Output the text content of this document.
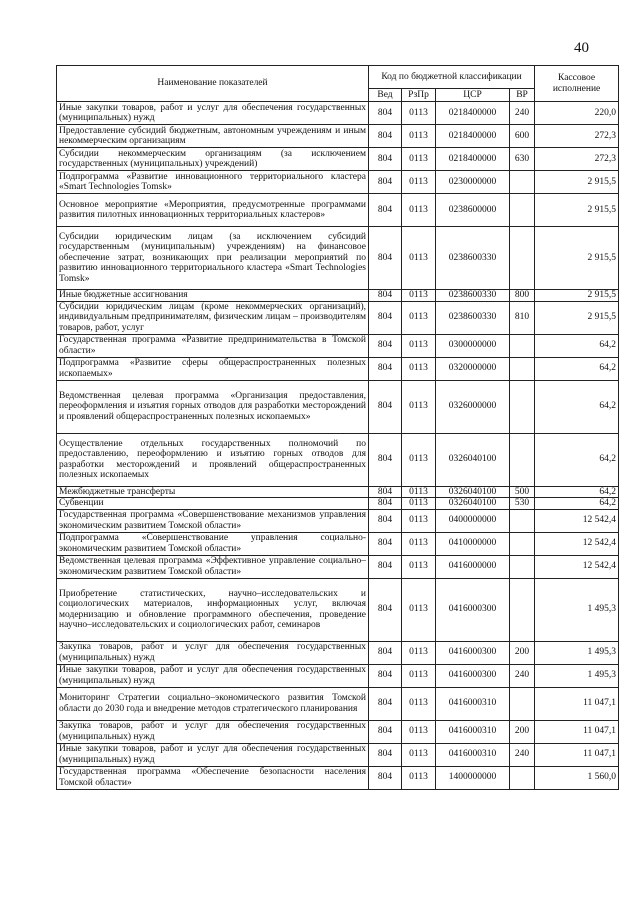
40
Наименование показателей	Код по бюджетной классификации				Кассовое исполнение
	Вед	РзПр	ЦСР	ВР	
Иные закупки товаров, работ и услуг для обеспечения государственных (муниципальных) нужд	804	0113	0218400000	240	220,0
Предоставление субсидий бюджетным, автономным учреждениям и иным некоммерческим организациям	804	0113	0218400000	600	272,3
Субсидии некоммерческим организациям (за исключением государственных (муниципальных) учреждений)	804	0113	0218400000	630	272,3
Подпрограмма «Развитие инновационного территориального кластера «Smart Technologies Tomsk»	804	0113	0230000000		2 915,5
Основное мероприятие «Мероприятия, предусмотренные программами развития пилотных инновационных территориальных кластеров»	804	0113	0238600000		2 915,5
Субсидии юридическим лицам (за исключением субсидий государственным (муниципальным) учреждениям) на финансовое обеспечение затрат, возникающих при реализации мероприятий по развитию инновационного территориального кластера «Smart Technologies Tomsk»	804	0113	0238600330		2 915,5
Иные бюджетные ассигнования	804	0113	0238600330	800	2 915,5
Субсидии юридическим лицам (кроме некоммерческих организаций), индивидуальным предпринимателям, физическим лицам – производителям товаров, работ, услуг	804	0113	0238600330	810	2 915,5
Государственная программа «Развитие предпринимательства в Томской области»	804	0113	0300000000		64,2
Подпрограмма «Развитие сферы общераспространенных полезных ископаемых»	804	0113	0320000000		64,2
Ведомственная целевая программа «Организация предоставления, переоформления и изъятия горных отводов для разработки месторождений и проявлений общераспространенных полезных ископаемых»	804	0113	0326000000		64,2
Осуществление отдельных государственных полномочий по предоставлению, переоформлению и изъятию горных отводов для разработки месторождений и проявлений общераспространенных полезных ископаемых	804	0113	0326040100		64,2
Межбюджетные трансферты	804	0113	0326040100	500	64,2
Субвенции	804	0113	0326040100	530	64,2
Государственная программа «Совершенствование механизмов управления экономическим развитием Томской области»	804	0113	0400000000		12 542,4
Подпрограмма «Совершенствование управления социально-экономическим развитием Томской области»	804	0113	0410000000		12 542,4
Ведомственная целевая программа «Эффективное управление социально–экономическим развитием Томской области»	804	0113	0416000000		12 542,4
Приобретение статистических, научно–исследовательских и социологических материалов, информационных услуг, включая модернизацию и обновление программного обеспечения, проведение научно–исследовательских и социологических работ, семинаров	804	0113	0416000300		1 495,3
Закупка товаров, работ и услуг для обеспечения государственных (муниципальных) нужд	804	0113	0416000300	200	1 495,3
Иные закупки товаров, работ и услуг для обеспечения государственных (муниципальных) нужд	804	0113	0416000300	240	1 495,3
Мониторинг Стратегии социально–экономического развития Томской области до 2030 года и внедрение методов стратегического планирования	804	0113	0416000310		11 047,1
Закупка товаров, работ и услуг для обеспечения государственных (муниципальных) нужд	804	0113	0416000310	200	11 047,1
Иные закупки товаров, работ и услуг для обеспечения государственных (муниципальных) нужд	804	0113	0416000310	240	11 047,1
Государственная программа «Обеспечение безопасности населения Томской области»	804	0113	1400000000		1 560,0
